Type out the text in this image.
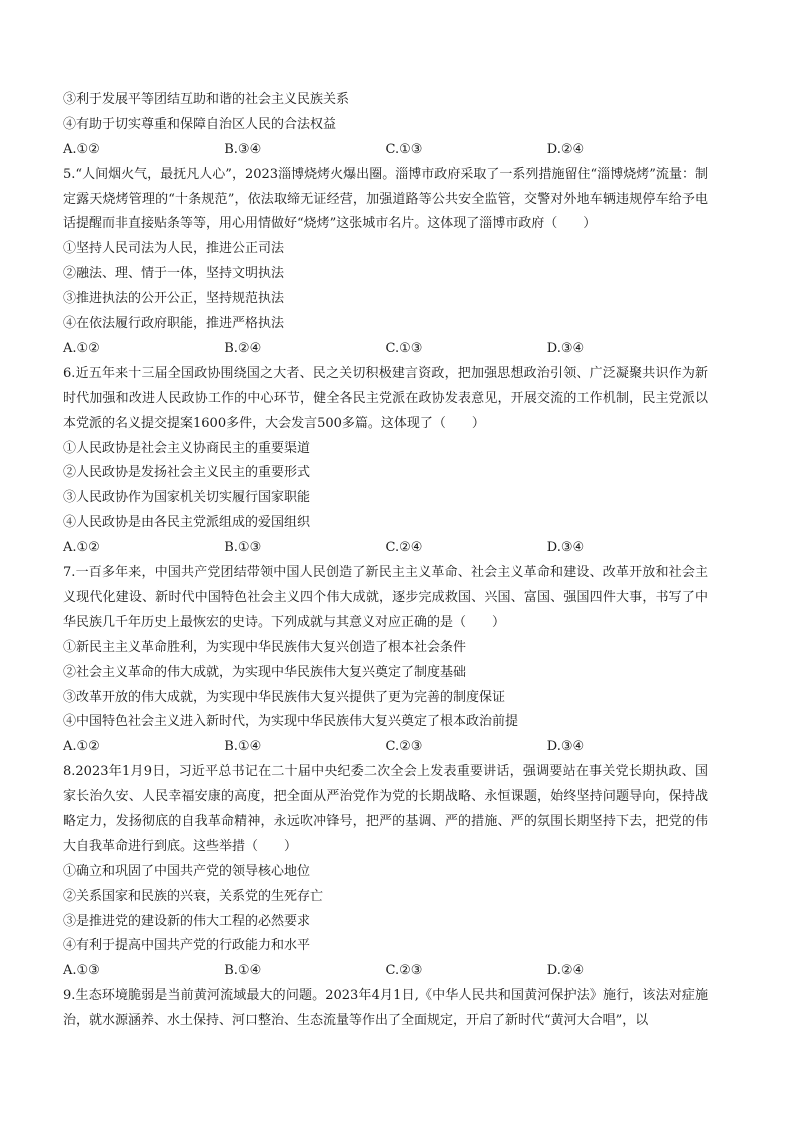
③利于发展平等团结互助和谐的社会主义民族关系
④有助于切实尊重和保障自治区人民的合法权益
A.①②	B.③④	C.①③	D.②④
5.“人间烟火气，最抚凡人心”，2023淄博烧烤火爆出圈。淄博市政府采取了一系列措施留住“淄博烧烤”流量：制定露天烧烤管理的“十条规范”，依法取缔无证经营，加强道路等公共安全监管，交警对外地车辆违规停车给予电话提醒而非直接贴条等等，用心用情做好“烧烤”这张城市名片。这体现了淄博市政府（　　）
①坚持人民司法为人民，推进公正司法
②融法、理、情于一体，坚持文明执法
③推进执法的公开公正，坚持规范执法
④在依法履行政府职能，推进严格执法
A.①②	B.②④	C.①③	D.③④
6.近五年来十三届全国政协围绕国之大者、民之关切积极建言资政，把加强思想政治引领、广泛凝聚共识作为新时代加强和改进人民政协工作的中心环节，健全各民主党派在政协发表意见，开展交流的工作机制，民主党派以本党派的名义提交提案1600多件，大会发言500多篇。这体现了（　　）
①人民政协是社会主义协商民主的重要渠道
②人民政协是发扬社会主义民主的重要形式
③人民政协作为国家机关切实履行国家职能
④人民政协是由各民主党派组成的爱国组织
A.①②	B.①③	C.②④	D.③④
7.一百多年来，中国共产党团结带领中国人民创造了新民主主义革命、社会主义革命和建设、改革开放和社会主义现代化建设、新时代中国特色社会主义四个伟大成就，逐步完成救国、兴国、富国、强国四件大事，书写了中华民族几千年历史上最恢宏的史诗。下列成就与其意义对应正确的是（　　）
①新民主主义革命胜利，为实现中华民族伟大复兴创造了根本社会条件
②社会主义革命的伟大成就，为实现中华民族伟大复兴奠定了制度基础
③改革开放的伟大成就，为实现中华民族伟大复兴提供了更为完善的制度保证
④中国特色社会主义进入新时代，为实现中华民族伟大复兴奠定了根本政治前提
A.①②	B.①④	C.②③	D.③④
8.2023年1月9日，习近平总书记在二十届中央纪委二次全会上发表重要讲话，强调要站在事关党长期执政、国家长治久安、人民幸福安康的高度，把全面从严治党作为党的长期战略、永恒课题，始终坚持问题导向，保持战略定力，发扬彻底的自我革命精神，永远吹冲锋号，把严的基调、严的措施、严的氛围长期坚持下去，把党的伟大自我革命进行到底。这些举措（　　）
①确立和巩固了中国共产党的领导核心地位
②关系国家和民族的兴衰，关系党的生死存亡
③是推进党的建设新的伟大工程的必然要求
④有利于提高中国共产党的行政能力和水平
A.①③	B.①④	C.②③	D.②④
9.生态环境脆弱是当前黄河流域最大的问题。2023年4月1日,《中华人民共和国黄河保护法》施行，该法对症施治，就水源涵养、水土保持、河口整治、生态流量等作出了全面规定，开启了新时代“黄河大合唱”，以
